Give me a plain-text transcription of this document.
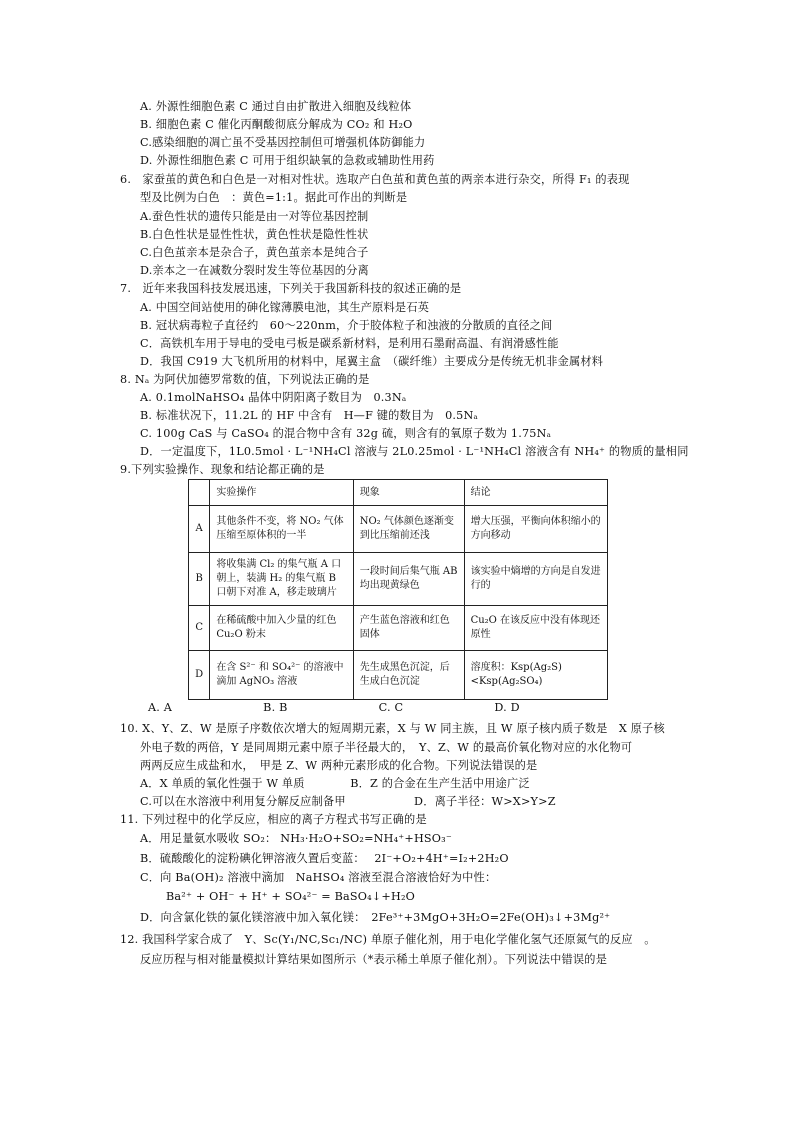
A. 外源性细胞色素 C 通过自由扩散进入细胞及线粒体
B. 细胞色素 C 催化丙酮酸彻底分解成为 CO₂ 和 H₂O
C.感染细胞的凋亡虽不受基因控制但可增强机体防御能力
D. 外源性细胞色素 C 可用于组织缺氧的急救或辅助性用药
6.　家蚕茧的黄色和白色是一对相对性状。选取产白色茧和黄色茧的两亲本进行杂交，所得 F₁ 的表现
型及比例为白色　：黄色=1:1。据此可作出的判断是
A.蚕色性状的遗传只能是由一对等位基因控制
B.白色性状是显性性状，黄色性状是隐性性状
C.白色茧亲本是杂合子，黄色茧亲本是纯合子
D.亲本之一在减数分裂时发生等位基因的分离
7.　近年来我国科技发展迅速，下列关于我国新科技的叙述正确的是
A. 中国空间站使用的砷化镓薄膜电池，其生产原料是石英
B. 冠状病毒粒子直径约　60～220nm，介于胶体粒子和浊液的分散质的直径之间
C．高铁机车用于导电的受电弓板是碳系新材料，是利用石墨耐高温、有润滑感性能
D．我国 C919 大飞机所用的材料中，尾翼主盒　（碳纤维）主要成分是传统无机非金属材料
8. Nₐ 为阿伏加德罗常数的值，下列说法正确的是
A. 0.1molNaHSO₄ 晶体中阴阳离子数目为　0.3Nₐ
B. 标准状况下，11.2L 的 HF 中含有　H—F 键的数目为　0.5Nₐ
C. 100g CaS 与 CaSO₄ 的混合物中含有 32g 硫，则含有的氧原子数为 1.75Nₐ
D．一定温度下，1L0.5mol · L⁻¹NH₄Cl 溶液与 2L0.25mol · L⁻¹NH₄Cl 溶液含有 NH₄⁺ 的物质的量相同
9.下列实验操作、现象和结论都正确的是
A. A　　　　　　　　B. B　　　　　　　　C. C　　　　　　　　D. D
10. X、Y、Z、W 是原子序数依次增大的短周期元素，X 与 W 同主族，且 W 原子核内质子数是　X 原子核
外电子数的两倍，Y 是同周期元素中原子半径最大的，　Y、Z、W 的最高价氧化物对应的水化物可
两两反应生成盐和水，　甲是 Z、W 两种元素形成的化合物。下列说法错误的是
A．X 单质的氧化性强于 W 单质　　　　B．Z 的合金在生产生活中用途广泛
C.可以在水溶液中利用复分解反应制备甲　　　　　　D．离子半径：W>X>Y>Z
11. 下列过程中的化学反应，相应的离子方程式书写正确的是
A．用足量氨水吸收 SO₂： NH₃·H₂O+SO₂=NH₄⁺+HSO₃⁻
B．硫酸酸化的淀粉碘化钾溶液久置后变蓝：　 2I⁻+O₂+4H⁺=I₂+2H₂O
C．向 Ba(OH)₂ 溶液中滴加　NaHSO₄ 溶液至混合溶液恰好为中性：
Ba²⁺ + OH⁻ + H⁺ + SO₄²⁻ = BaSO₄↓+H₂O
D．向含氯化铁的氯化镁溶液中加入氧化镁：　2Fe³⁺+3MgO+3H₂O=2Fe(OH)₃↓+3Mg²⁺
12. 我国科学家合成了　Y、Sc(Y₁/NC,Sc₁/NC) 单原子催化剂，用于电化学催化氢气还原氮气的反应　。
反应历程与相对能量模拟计算结果如图所示（*表示稀土单原子催化剂）。下列说法中错误的是
	实验操作	现象	结论
A	其他条件不变，将 NO₂ 气体压缩至原体积的一半	NO₂ 气体颜色逐渐变到比压缩前还浅	增大压强，平衡向体积缩小的方向移动
B	将收集满 Cl₂ 的集气瓶 A 口朝上，装满 H₂ 的集气瓶 B 口朝下对准 A，移走玻璃片	一段时间后集气瓶 AB 均出现黄绿色	该实验中熵增的方向是自发进行的
C	在稀硫酸中加入少量的红色 Cu₂O 粉末	产生蓝色溶液和红色固体	Cu₂O 在该反应中没有体现还原性
D	在含 S²⁻ 和 SO₄²⁻ 的溶液中滴加 AgNO₃ 溶液	先生成黑色沉淀，后生成白色沉淀	溶度积：Ksp(Ag₂S)<Ksp(Ag₂SO₄)
